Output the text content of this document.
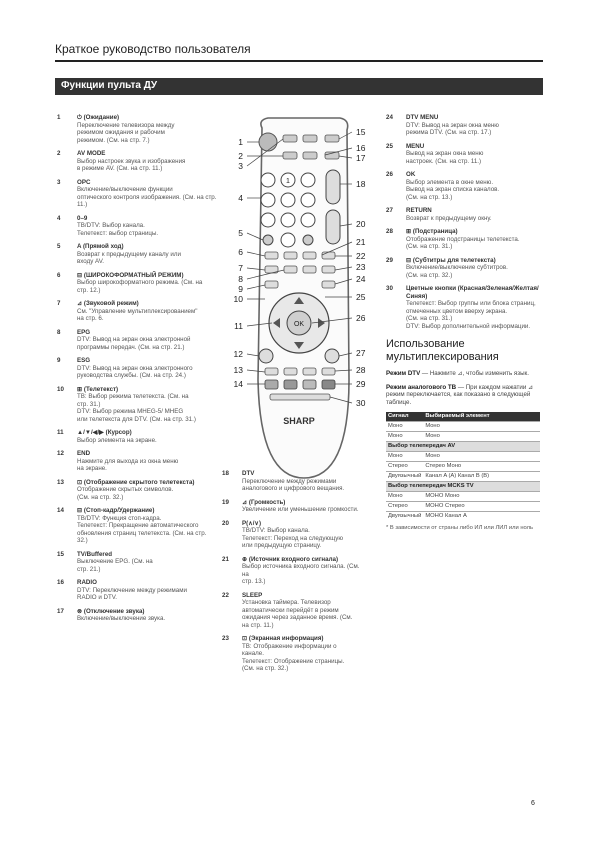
Краткое руководство пользователя
Функции пульта ДУ
1
OK
SHARP
1
2
3
4
5
6
7
8
9
10
11
12
13
14
15
16
17
18
20
21
22
23
24
25
26
27
28
29
30
1	⏻ (Ожидание)
Переключение телевизора между
режимом ожидания и рабочим
режимом. (См. на стр. 7.)
2	AV MODE
Выбор настроек звука и изображения
в режиме AV. (См. на стр. 11.)
3	OPC
Включение/выключение функции
оптического контроля изображения. (См. на стр. 11.)
4	0–9
ТВ/DTV: Выбор канала.
Телетекст: выбор страницы.
5	A (Прямой ход)
Возврат к предыдущему каналу или
входу AV.
6	⊟ (ШИРОКОФОРМАТНЫЙ РЕЖИМ)
Выбор широкоформатного режима. (См. на
стр. 12.)
7	⊿ (Звуковой режим)
См. "Управление мультиплексированием"
на стр. 6.
8	EPG
DTV: Вывод на экран окна электронной
программы передач. (См. на стр. 21.)
9	ESG
DTV: Вывод на экран окна электронного
руководства службы. (См. на стр. 24.)
10 ⊞ (Телетекст)
ТВ: Выбор режима телетекста. (См. на
стр. 31.)
DTV: Выбор режима MHEG-5/ MHEG
или телетекста для DTV. (См. на стр. 31.)
11 ▲/▼/◀/▶ (Курсор)
Выбор элемента на экране.
12 END
Нажмите для выхода из окна меню
на экране.
13 ⊡ (Отображение скрытого телетекста)
Отображение скрытых символов.
(См. на стр. 32.)
14 ⊟ (Стоп-кадр/Удержание)
ТВ/DTV: Функция стоп-кадра.
Телетекст: Прекращение автоматического
обновления страниц телетекста. (См. на стр. 32.)
15 TV/Buffered
Выключение EPG. (См. на
стр. 21.)
16 RADIO
DTV: Переключение между режимами
RADIO и DTV.
17 ⊗ (Отключение звука)
Включение/выключение звука.
18 DTV
Переключение между режимами
аналогового и цифрового вещания.
19 ⊿ (Громкость)
Увеличение или уменьшение громкости.
20 P(∧/∨)
ТВ/DTV: Выбор канала.
Телетекст: Переход на следующую
или предыдущую страницу.
21 ⊕ (Источник входного сигнала)
Выбор источника входного сигнала. (См. на
стр. 13.)
22 SLEEP
Установка таймера. Телевизор
автоматически перейдёт в режим
ожидания через заданное время. (См. на стр. 11.)
23 ⊡ (Экранная информация)
ТВ: Отображение информации о канале.
Телетекст: Отображение страницы.
(См. на стр. 32.)
24 DTV MENU
DTV: Вывод на экран окна меню
режима DTV. (См. на стр. 17.)
25 MENU
Вывод на экран окна меню
настроек. (См. на стр. 11.)
26 OK
Выбор элемента в окне меню.
Вывод на экран списка каналов.
(См. на стр. 13.)
27 RETURN
Возврат к предыдущему окну.
28 ⊞ (Подстраница)
Отображение подстраницы телетекста.
(См. на стр. 31.)
29 ⊟ (Субтитры для телетекста)
Включение/выключение субтитров.
(См. на стр. 32.)
30 Цветные кнопки (Красная/Зеленая/Желтая/Синяя)
Телетекст: Выбор группы или блока страниц,
отмеченных цветом вверху экрана.
(См. на стр. 31.)
DTV: Выбор дополнительной информации.
Использование мультиплексирования
Режим DTV — Нажмите ⊿, чтобы изменить язык.
Режим аналогового ТВ — При каждом нажатии ⊿ режим переключается, как показано в следующей таблице.
Сигнал	Выбираемый элемент
Моно	Моно
Моно	Моно
Выбор телепередач AV	
Моно	Моно
Стерео	Стерео Моно
Двуязычный	Канал A (A) Канал B (B)
Выбор телепередач MCKS TV	
Моно	МОНО Моно
Стерео	МОНО Стерео
Двуязычный	МОНО Канал A
* В зависимости от страны либо ИЛ или ЛИЛ или ноль
6
